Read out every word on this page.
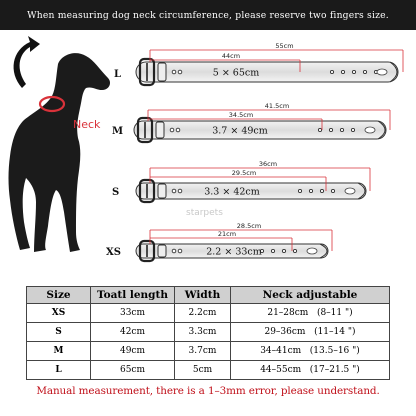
When measuring dog neck circumference, please reserve two fingers size.
Neck
L	5 × 65cm
55cm
44cm
M	3.7 × 49cm
41.5cm
34.5cm
S	3.3 × 42cm
36cm
29.5cm
XS	2.2 × 33cm
28.5cm
21cm
starpets
Size	Toatl length	Width	Neck adjustable
XS	33cm	2.2cm	21–28cm (8–11 ")
S	42cm	3.3cm	29–36cm (11–14 ")
M	49cm	3.7cm	34–41cm (13.5–16 ")
L	65cm	5cm	44–55cm (17–21.5 ")
Manual measurement, there is a 1–3mm error, please understand.
